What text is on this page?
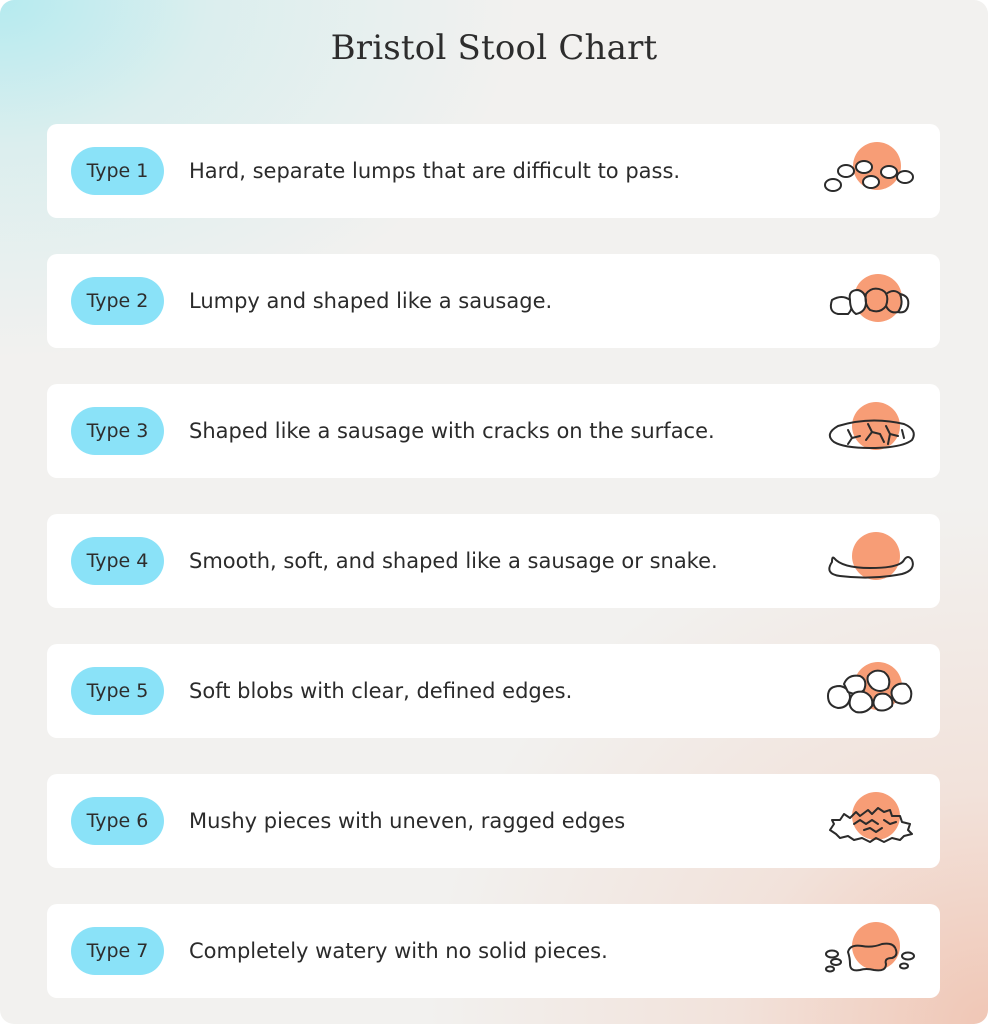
Bristol Stool Chart
Type 1	Hard, separate lumps that are difficult to pass.
Type 2	Lumpy and shaped like a sausage.
Type 3	Shaped like a sausage with cracks on the surface.
Type 4	Smooth, soft, and shaped like a sausage or snake.
Type 5	Soft blobs with clear, defined edges.
Type 6	Mushy pieces with uneven, ragged edges
Type 7	Completely watery with no solid pieces.
